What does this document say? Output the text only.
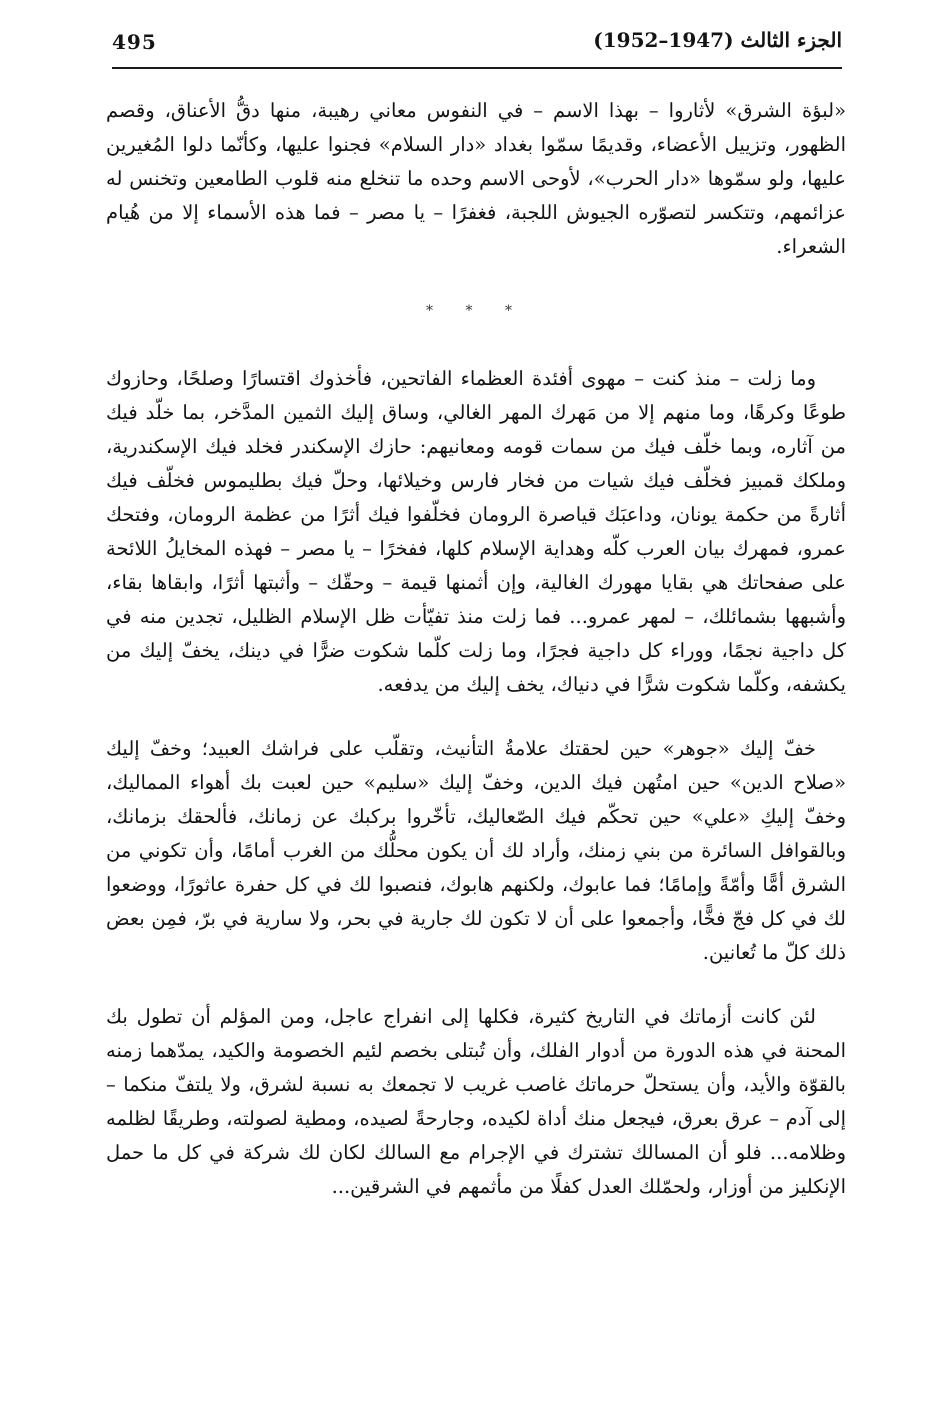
495	الجزء الثالث (1947–1952)

«لبؤة الشرق» لأثاروا – بهذا الاسم – في النفوس معاني رهيبة، منها دقُّ الأعناق، وقصم الظهور، وتزييل الأعضاء، وقديمًا سمّوا بغداد «دار السلام» فجنوا عليها، وكأنّما دلوا المُغيرين عليها، ولو سمّوها «دار الحرب»، لأوحى الاسم وحده ما تنخلع منه قلوب الطامعين وتخنس له عزائمهم، وتتكسر لتصوّره الجيوش اللجبة، فغفرًا – يا مصر – فما هذه الأسماء إلا من هُيام الشعراء.

* * *

وما زلت – منذ كنت – مهوى أفئدة العظماء الفاتحين، فأخذوك اقتسارًا وصلحًا، وحازوك طوعًا وكرهًا، وما منهم إلا من مَهرك المهر الغالي، وساق إليك الثمين المدَّخر، بما خلّد فيك من آثاره، وبما خلّف فيك من سمات قومه ومعانيهم: حازك الإسكندر فخلد فيك الإسكندرية، وملكك قمبيز فخلّف فيك شيات من فخار فارس وخيلائها، وحلّ فيك بطليموس فخلّف فيك أثارةً من حكمة يونان، وداعبَك قياصرة الرومان فخلّفوا فيك أثرًا من عظمة الرومان، وفتحك عمرو، فمهرك بيان العرب كلّه وهداية الإسلام كلها، ففخرًا – يا مصر – فهذه المخايلُ اللائحة على صفحاتك هي بقايا مهورك الغالية، وإن أثمنها قيمة – وحقّك – وأثبتها أثرًا، وابقاها بقاء، وأشبهها بشمائلك، – لمهر عمرو... فما زلت منذ تفيّأت ظل الإسلام الظليل، تجدين منه في كل داجية نجمًا، ووراء كل داجية فجرًا، وما زلت كلّما شكوت ضرًّا في دينك، يخفّ إليك من يكشفه، وكلّما شكوت شرًّا في دنياك، يخف إليك من يدفعه.

خفّ إليك «جوهر» حين لحقتك علامةُ التأنيث، وتقلّب على فراشك العبيد؛ وخفّ إليك «صلاح الدين» حين امتُهن فيك الدين، وخفّ إليك «سليم» حين لعبت بك أهواء المماليك، وخفّ إليكِ «علي» حين تحكّم فيك الصّعاليك، تأخّروا بركبك عن زمانك، فألحقك بزمانك، وبالقوافل السائرة من بني زمنك، وأراد لك أن يكون محلُّك من الغرب أمامًا، وأن تكوني من الشرق أمًّا وأمّةً وإمامًا؛ فما عابوك، ولكنهم هابوك، فنصبوا لك في كل حفرة عاثورًا، ووضعوا لك في كل فجّ فخًّا، وأجمعوا على أن لا تكون لك جارية في بحر، ولا سارية في برّ، فمِن بعض ذلك كلّ ما تُعانين.

لئن كانت أزماتك في التاريخ كثيرة، فكلها إلى انفراج عاجل، ومن المؤلم أن تطول بك المحنة في هذه الدورة من أدوار الفلك، وأن تُبتلى بخصم لئيم الخصومة والكيد، يمدّهما زمنه بالقوّة والأيد، وأن يستحلّ حرماتك غاصب غريب لا تجمعك به نسبة لشرق، ولا يلتفّ منكما – إلى آدم – عرق بعرق، فيجعل منك أداة لكيده، وجارحةً لصيده، ومطية لصولته، وطريقًا لظلمه وظلامه... فلو أن المسالك تشترك في الإجرام مع السالك لكان لك شركة في كل ما حمل الإنكليز من أوزار، ولحمّلك العدل كفلًا من مأثمهم في الشرقين...
